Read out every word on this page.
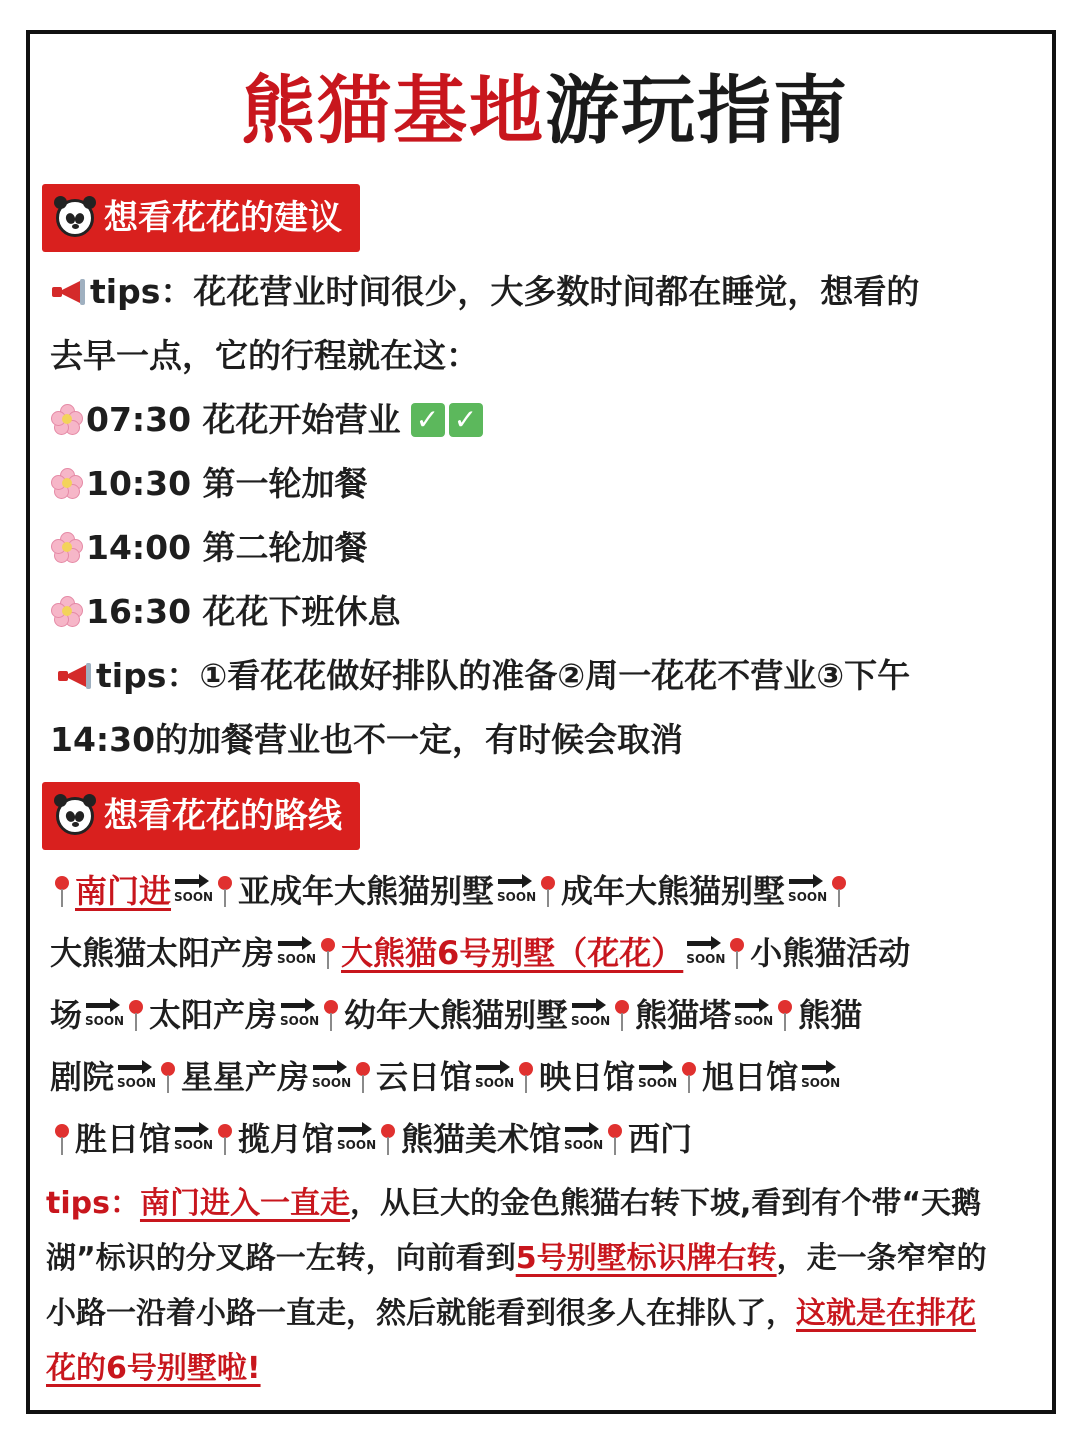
熊猫基地游玩指南
想看花花的建议
tips：花花营业时间很少，大多数时间都在睡觉，想看的
去早一点，它的行程就在这：
07:30 花花开始营业 ✓ ✓
10:30 第一轮加餐
14:00 第二轮加餐
16:30 花花下班休息
tips：①看花花做好排队的准备②周一花花不营业③下午
14:30的加餐营业也不一定，有时候会取消
想看花花的路线
南门进 SOON 亚成年大熊猫别墅 SOON 成年大熊猫别墅 SOON
大熊猫太阳产房 SOON 大熊猫6号别墅（花花） SOON 小熊猫活动
场 SOON 太阳产房 SOON 幼年大熊猫别墅 SOON 熊猫塔 SOON 熊猫
剧院 SOON 星星产房 SOON 云日馆 SOON 映日馆 SOON 旭日馆 SOON
胜日馆 SOON 揽月馆 SOON 熊猫美术馆 SOON 西门
tips： 南门进入一直走 ，从巨大的金色熊猫右转下坡,看到有个带“天鹅
湖”标识的分叉路一左转，向前看到 5号别墅标识牌右转 ，走一条窄窄的
小路一沿着小路一直走，然后就能看到很多人在排队了， 这就是在排花
花的6号别墅啦!
